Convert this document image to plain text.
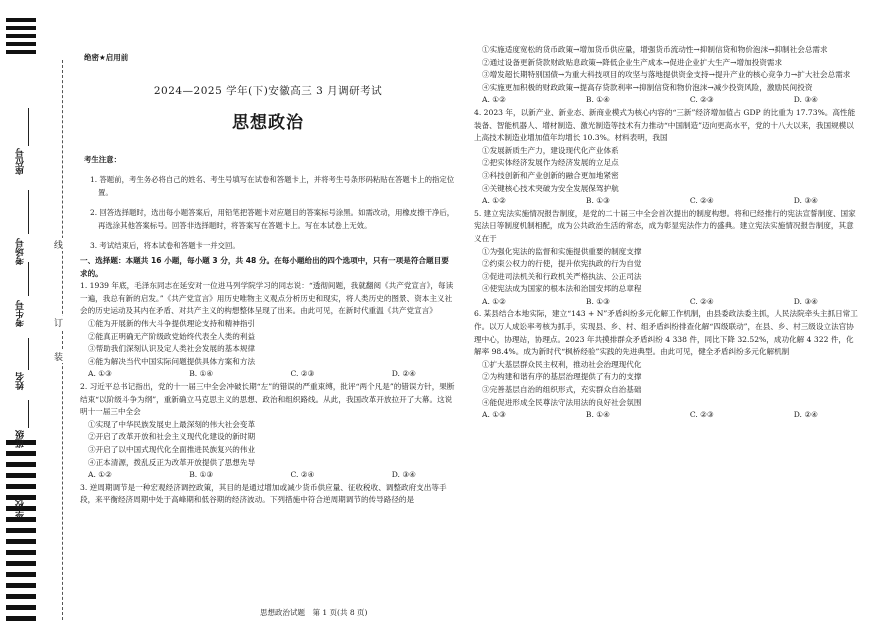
座位号
考场号
考生号
姓名
班级
学校
线
订
装
绝密★启用前
2024—2025 学年(下)安徽高三 3 月调研考试
思想政治

考生注意：

1. 答题前，考生务必将自己的姓名、考生号填写在试卷和答题卡上，并将考生号条形码粘贴在答题卡上的指定位置。

2. 回答选择题时，选出每小题答案后，用铅笔把答题卡对应题目的答案标号涂黑。如需改动，用橡皮擦干净后，再选涂其他答案标号。回答非选择题时，将答案写在答题卡上。写在本试卷上无效。

3. 考试结束后，将本试卷和答题卡一并交回。

一、选择题：本题共 16 小题，每小题 3 分，共 48 分。在每小题给出的四个选项中，只有一项是符合题目要求的。

1. 1939 年底，毛泽东同志在延安对一位进马列学院学习的同志说：“透彻间题，我就翻阅《共产党宣言》，每读一遍，我总有新的启发。”《共产党宣言》用历史唯物主义观点分析历史和现实，将人类历史的图景、资本主义社会的历史运动及其内在矛盾、对共产主义的构想整体呈现了出来。由此可见，在新时代重温《共产党宣言》

①能为开展新的伟大斗争提供理论支持和精神指引

②能真正明确无产阶级政党始终代表全人类的利益

③帮助我们深刻认识及定人类社会发展的基本规律

④能为解决当代中国实际问题提供具体方案和方法

A. ①③	B. ①④	C. ②③	D. ②④

2. 习近平总书记指出，党的十一届三中全会冲破长期“左”的错误的严重束缚，批评“两个凡是”的错误方针，果断结束“以阶级斗争为纲”，重新确立马克思主义的思想、政治和组织路线。从此，我国改革开放拉开了大幕。这说明十一届三中全会

①实现了中华民族发展史上最深刻的伟大社会变革

②开启了改革开放和社会主义现代化建设的新时期

③开启了以中国式现代化全面推进民族复兴的伟业

④正本清源，拨乱反正为改革开放提供了思想先导

A. ①②	B. ①③	C. ②④	D. ③④

3. 逆周期调节是一种宏观经济调控政策，其目的是通过增加或减少货币供应量、征收税收、调整政府支出等手段，来平衡经济周期中处于高峰期和低谷期的经济波动。下列措施中符合逆周期调节的传导路径的是

①实施适度宽松的货币政策→增加货币供应量，增强货币流动性→抑制信贷和物价泡沫→抑制社会总需求

②通过设备更新贷款财政贴息政策→降低企业生产成本→促进企业扩大生产→增加投资需求

③增发超长期特别国债→为重大科技项目的攻坚与落地提供资金支持→提升产业的核心竞争力→扩大社会总需求

④实施更加积极的财政政策→提高存贷款利率→抑制信贷和物价泡沫→减少投资风险，激励民间投资

A. ①②	B. ①④	C. ②③	D. ③④

4. 2023 年，以新产业、新业态、新商业模式为核心内容的“三新”经济增加值占 GDP 的比重为 17.73%。高性能装备、智能机器人、增材制造、激光制造等技术有力推动“中国制造”迈向更高水平，党的十八大以来，我国规模以上高技术制造业增加值年均增长 10.3%。材料表明，我国

①发展新质生产力，建设现代化产业体系

②把实体经济发展作为经济发展的立足点

③科技创新和产业创新的融合更加地紧密

④关键核心技术突破为安全发展保驾护航

A. ①②	B. ①③	C. ②④	D. ③④

5. 建立宪法实施情况报告制度，是党的二十届三中全会首次提出的制度构想。将和已经推行的宪法宣誓制度、国家宪法日等制度机制相配，成为公共政治生活的常态，成为彰显宪法作力的盛典。建立宪法实施情况报告制度，其意义在于

①为强化宪法的监督和实施提供重要的制度支撑

②约束公权力的行使，提升依宪执政的行为自觉

③促进司法机关和行政机关严格执法、公正司法

④使宪法成为国家的根本法和治国安邦的总章程

A. ①②	B. ①③	C. ②④	D. ③④

6. 某县结合本地实际，建立“143 + N”矛盾纠纷多元化解工作机制，由县委政法委主抓，人民法院牵头主抓日常工作。以万人成讼率考核为抓手，实现县、乡、村、组矛盾纠纷排查化解“四级联动”，在县、乡、村三级设立法官协理中心，协理站，协理点。2023 年共摸排群众矛盾纠纷 4 338 件，同比下降 32.52%，成功化解 4 322 件，化解率 98.4%。成为新时代“枫桥经验”实践的先进典型。由此可见，健全矛盾纠纷多元化解机制

①扩大基层群众民主权利，推动社会治理现代化

②为构建和谐有序的基层治理提供了有力的支撑

③完善基层自治的组织形式，充实群众自治基础

④能促进形成全民尊法守法用法的良好社会氛围

A. ①③	B. ①④	C. ②③	D. ②④

思想政治试题　第 1 页(共 8 页)
